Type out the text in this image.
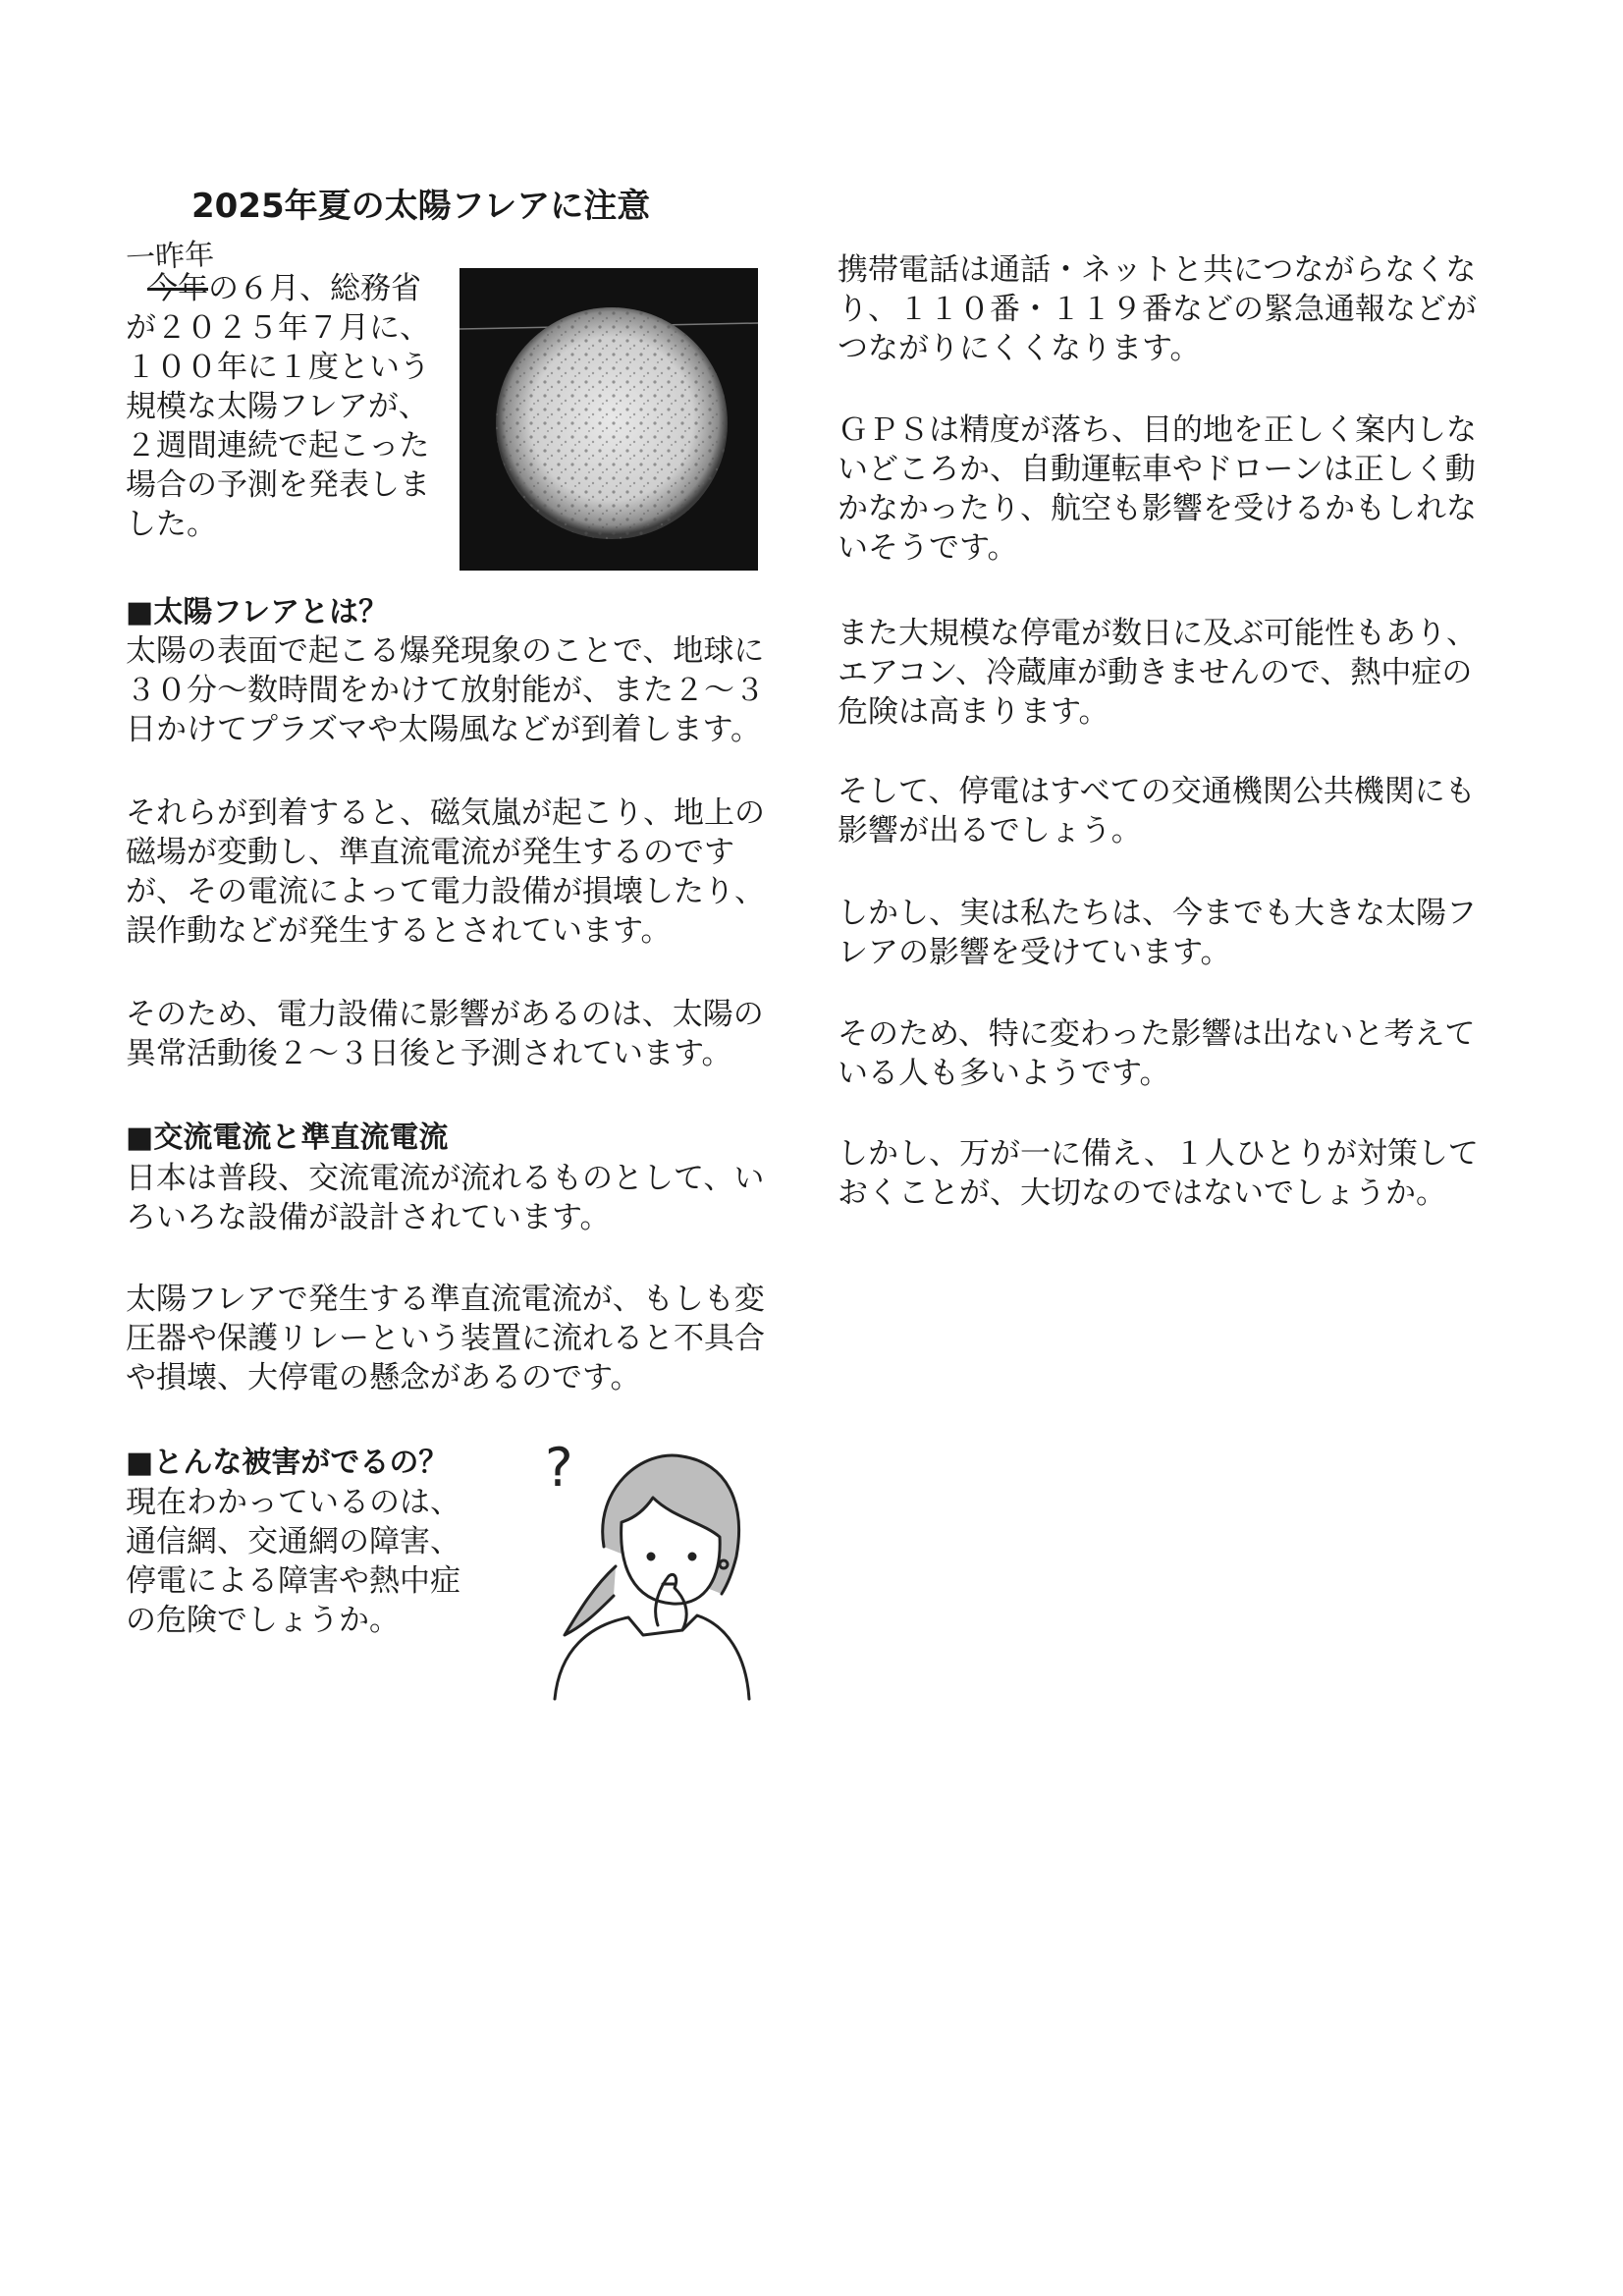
2025年夏の太陽フレアに注意
一昨年
今年の６月、総務省
が２０２５年７月に、
１００年に１度という
規模な太陽フレアが、
２週間連続で起こった
場合の予測を発表しま
した。
■太陽フレアとは？
太陽の表面で起こる爆発現象のことで、地球に
３０分〜数時間をかけて放射能が、また２〜３
日かけてプラズマや太陽風などが到着します。
それらが到着すると、磁気嵐が起こり、地上の
磁場が変動し、準直流電流が発生するのです
が、その電流によって電力設備が損壊したり、
誤作動などが発生するとされています。
そのため、電力設備に影響があるのは、太陽の
異常活動後２〜３日後と予測されています。
■交流電流と準直流電流
日本は普段、交流電流が流れるものとして、い
ろいろな設備が設計されています。
太陽フレアで発生する準直流電流が、もしも変
圧器や保護リレーという装置に流れると不具合
や損壊、大停電の懸念があるのです。
■とんな被害がでるの？
現在わかっているのは、
通信網、交通網の障害、
停電による障害や熱中症
の危険でしょうか。
?
携帯電話は通話・ネットと共につながらなくな
り、１１０番・１１９番などの緊急通報などが
つながりにくくなります。
ＧＰＳは精度が落ち、目的地を正しく案内しな
いどころか、自動運転車やドローンは正しく動
かなかったり、航空も影響を受けるかもしれな
いそうです。
また大規模な停電が数日に及ぶ可能性もあり、
エアコン、冷蔵庫が動きませんので、熱中症の
危険は高まります。
そして、停電はすべての交通機関公共機関にも
影響が出るでしょう。
しかし、実は私たちは、今までも大きな太陽フ
レアの影響を受けています。
そのため、特に変わった影響は出ないと考えて
いる人も多いようです。
しかし、万が一に備え、１人ひとりが対策して
おくことが、大切なのではないでしょうか。
